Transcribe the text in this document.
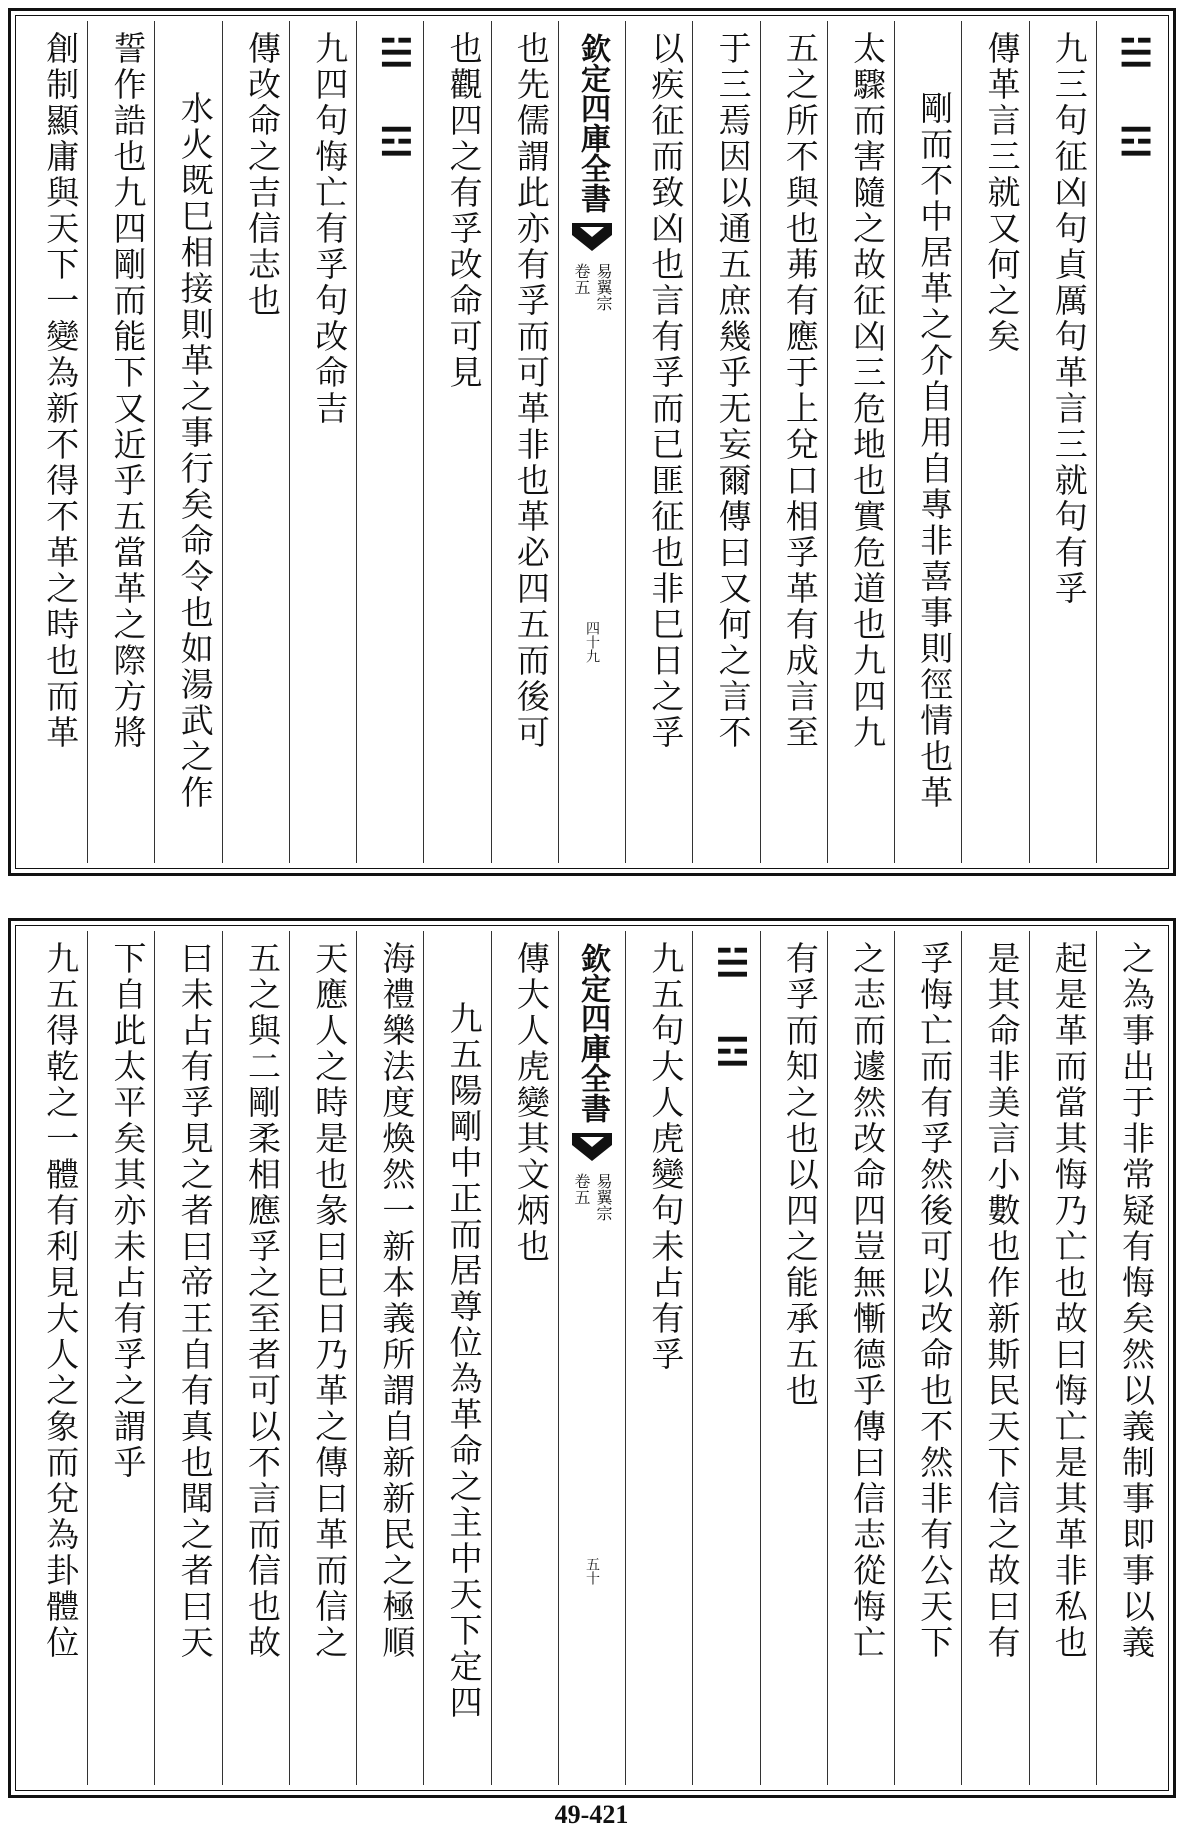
☱ ☲
九三句征凶句貞厲句革言三就句有孚
傳革言三就又何之矣
剛而不中居革之介自用自專非喜事則徑情也革
太驟而害隨之故征凶三危地也實危道也九四九
五之所不與也茀有應于上兌口相孚革有成言至
于三焉因以通五庶幾乎无妄爾傳曰又何之言不
以疾征而致凶也言有孚而已匪征也非巳日之孚
欽定四庫全書
易翼宗
卷五
四十九
也先儒謂此亦有孚而可革非也革必四五而後可
也觀四之有孚改命可見
☱ ☲
九四句悔亡有孚句改命吉
傳改命之吉信志也
水火既巳相接則革之事行矣命令也如湯武之作
誓作誥也九四剛而能下又近乎五當革之際方將
創制顯庸與天下一變為新不得不革之時也而革
之為事出于非常疑有悔矣然以義制事即事以義
起是革而當其悔乃亡也故曰悔亡是其革非私也
是其命非美言小數也作新斯民天下信之故曰有
孚悔亡而有孚然後可以改命也不然非有公天下
之志而遽然改命四豈無慚德乎傳曰信志從悔亡
有孚而知之也以四之能承五也
☱ ☲
九五句大人虎變句未占有孚
欽定四庫全書
易翼宗
卷五
五十
傳大人虎變其文炳也
九五陽剛中正而居尊位為革命之主中天下定四
海禮樂法度煥然一新本義所謂自新新民之極順
天應人之時是也彖曰巳日乃革之傳曰革而信之
五之與二剛柔相應孚之至者可以不言而信也故
曰未占有孚見之者曰帝王自有真也聞之者曰天
下自此太平矣其亦未占有孚之謂乎
九五得乾之一體有利見大人之象而兌為卦體位
49-421
